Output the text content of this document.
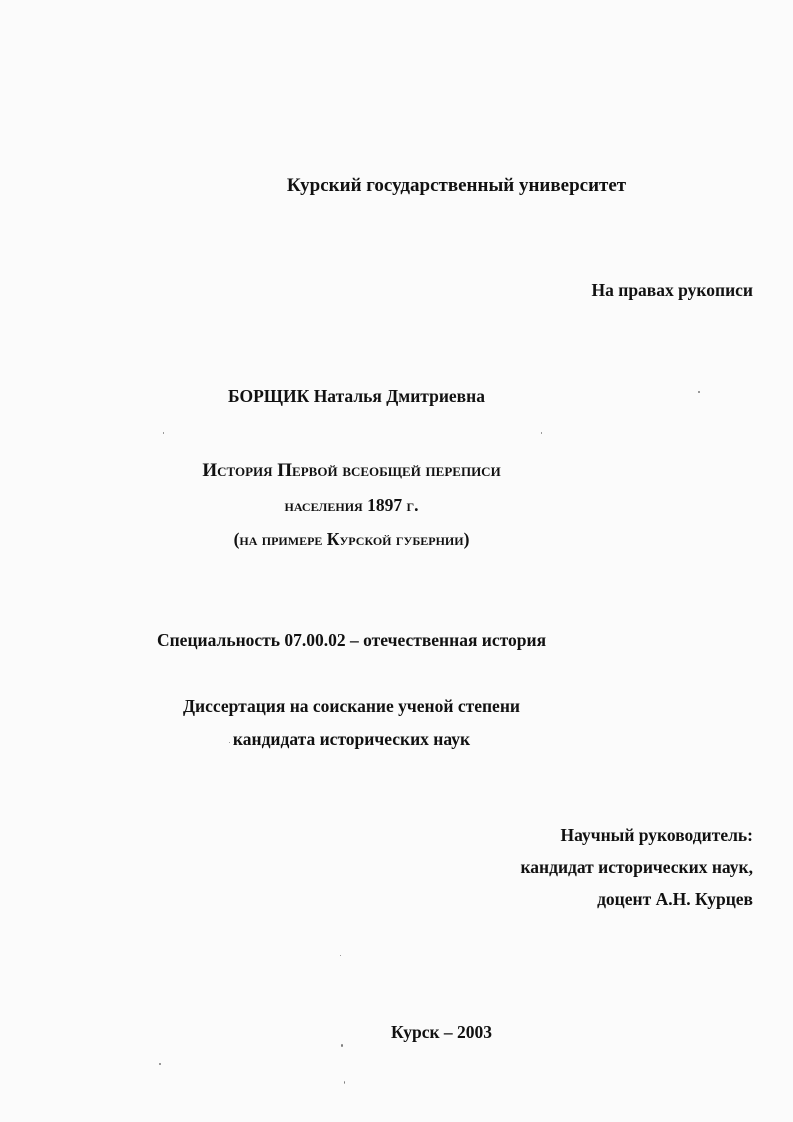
Курский государственный университет
На правах рукописи
БОРЩИК Наталья Дмитриевна
История Первой всеобщей переписи
населения 1897 г.
(на примере Курской губернии)
Специальность 07.00.02 – отечественная история
Диссертация на соискание ученой степени
кандидата исторических наук
Научный руководитель:
кандидат исторических наук,
доцент А.Н. Курцев
Курск – 2003
